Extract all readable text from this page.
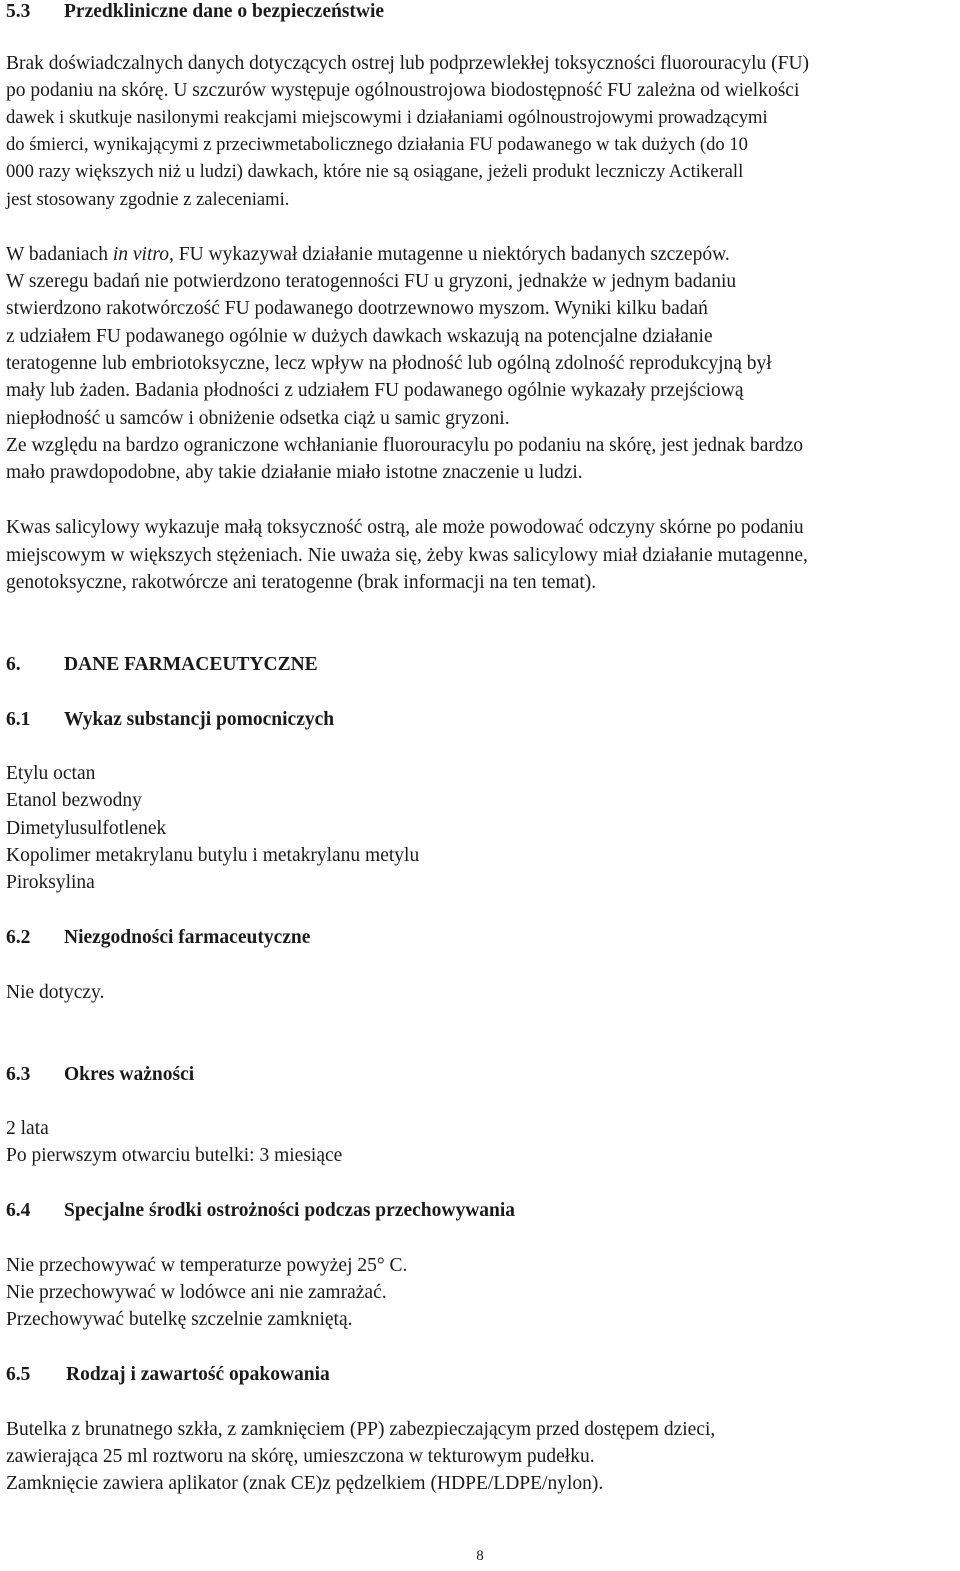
5.3 Przedkliniczne dane o bezpieczeństwie
Brak doświadczalnych danych dotyczących ostrej lub podprzewlekłej toksyczności fluorouracylu (FU)
po podaniu na skórę. U szczurów występuje ogólnoustrojowa biodostępność FU zależna od wielkości
dawek i skutkuje nasilonymi reakcjami miejscowymi i działaniami ogólnoustrojowymi prowadzącymi
do śmierci, wynikającymi z przeciwmetabolicznego działania FU podawanego w tak dużych (do 10
000 razy większych niż u ludzi) dawkach, które nie są osiągane, jeżeli produkt leczniczy Actikerall
jest stosowany zgodnie z zaleceniami.
W badaniach in vitro, FU wykazywał działanie mutagenne u niektórych badanych szczepów.
W szeregu badań nie potwierdzono teratogenności FU u gryzoni, jednakże w jednym badaniu
stwierdzono rakotwórczość FU podawanego dootrzewnowo myszom. Wyniki kilku badań
z udziałem FU podawanego ogólnie w dużych dawkach wskazują na potencjalne działanie
teratogenne lub embriotoksyczne, lecz wpływ na płodność lub ogólną zdolność reprodukcyjną był
mały lub żaden. Badania płodności z udziałem FU podawanego ogólnie wykazały przejściową
niepłodność u samców i obniżenie odsetka ciąż u samic gryzoni.
Ze względu na bardzo ograniczone wchłanianie fluorouracylu po podaniu na skórę, jest jednak bardzo
mało prawdopodobne, aby takie działanie miało istotne znaczenie u ludzi.
Kwas salicylowy wykazuje małą toksyczność ostrą, ale może powodować odczyny skórne po podaniu
miejscowym w większych stężeniach. Nie uważa się, żeby kwas salicylowy miał działanie mutagenne,
genotoksyczne, rakotwórcze ani teratogenne (brak informacji na ten temat).
6. DANE FARMACEUTYCZNE
6.1 Wykaz substancji pomocniczych
Etylu octan
Etanol bezwodny
Dimetylusulfotlenek
Kopolimer metakrylanu butylu i metakrylanu metylu
Piroksylina
6.2 Niezgodności farmaceutyczne
Nie dotyczy.
6.3 Okres ważności
2 lata
Po pierwszym otwarciu butelki: 3 miesiące
6.4 Specjalne środki ostrożności podczas przechowywania
Nie przechowywać w temperaturze powyżej 25° C.
Nie przechowywać w lodówce ani nie zamrażać.
Przechowywać butelkę szczelnie zamkniętą.
6.5 Rodzaj i zawartość opakowania
Butelka z brunatnego szkła, z zamknięciem (PP) zabezpieczającym przed dostępem dzieci,
zawierająca 25 ml roztworu na skórę, umieszczona w tekturowym pudełku.
Zamknięcie zawiera aplikator (znak CE)z pędzelkiem (HDPE/LDPE/nylon).
8
